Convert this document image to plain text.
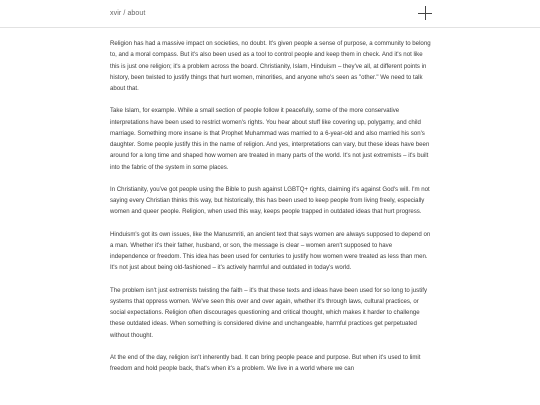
xvir / about

Religion has had a massive impact on societies, no doubt. It's given people a sense of purpose, a community to belong to, and a moral compass. But it's also been used as a tool to control people and keep them in check. And it's not like this is just one religion; it's a problem across the board. Christianity, Islam, Hinduism – they've all, at different points in history, been twisted to justify things that hurt women, minorities, and anyone who's seen as "other." We need to talk about that.

Take Islam, for example. While a small section of people follow it peacefully, some of the more conservative interpretations have been used to restrict women's rights. You hear about stuff like covering up, polygamy, and child marriage. Something more insane is that Prophet Muhammad was married to a 6-year-old and also married his son's daughter. Some people justify this in the name of religion. And yes, interpretations can vary, but these ideas have been around for a long time and shaped how women are treated in many parts of the world. It's not just extremists – it's built into the fabric of the system in some places.

In Christianity, you've got people using the Bible to push against LGBTQ+ rights, claiming it's against God's will. I'm not saying every Christian thinks this way, but historically, this has been used to keep people from living freely, especially women and queer people. Religion, when used this way, keeps people trapped in outdated ideas that hurt progress.

Hinduism's got its own issues, like the Manusmriti, an ancient text that says women are always supposed to depend on a man. Whether it's their father, husband, or son, the message is clear – women aren't supposed to have independence or freedom. This idea has been used for centuries to justify how women were treated as less than men. It's not just about being old-fashioned – it's actively harmful and outdated in today's world.

The problem isn't just extremists twisting the faith – it's that these texts and ideas have been used for so long to justify systems that oppress women. We've seen this over and over again, whether it's through laws, cultural practices, or social expectations. Religion often discourages questioning and critical thought, which makes it harder to challenge these outdated ideas. When something is considered divine and unchangeable, harmful practices get perpetuated without thought.

At the end of the day, religion isn't inherently bad. It can bring people peace and purpose. But when it's used to limit freedom and hold people back, that's when it's a problem. We live in a world where we can
